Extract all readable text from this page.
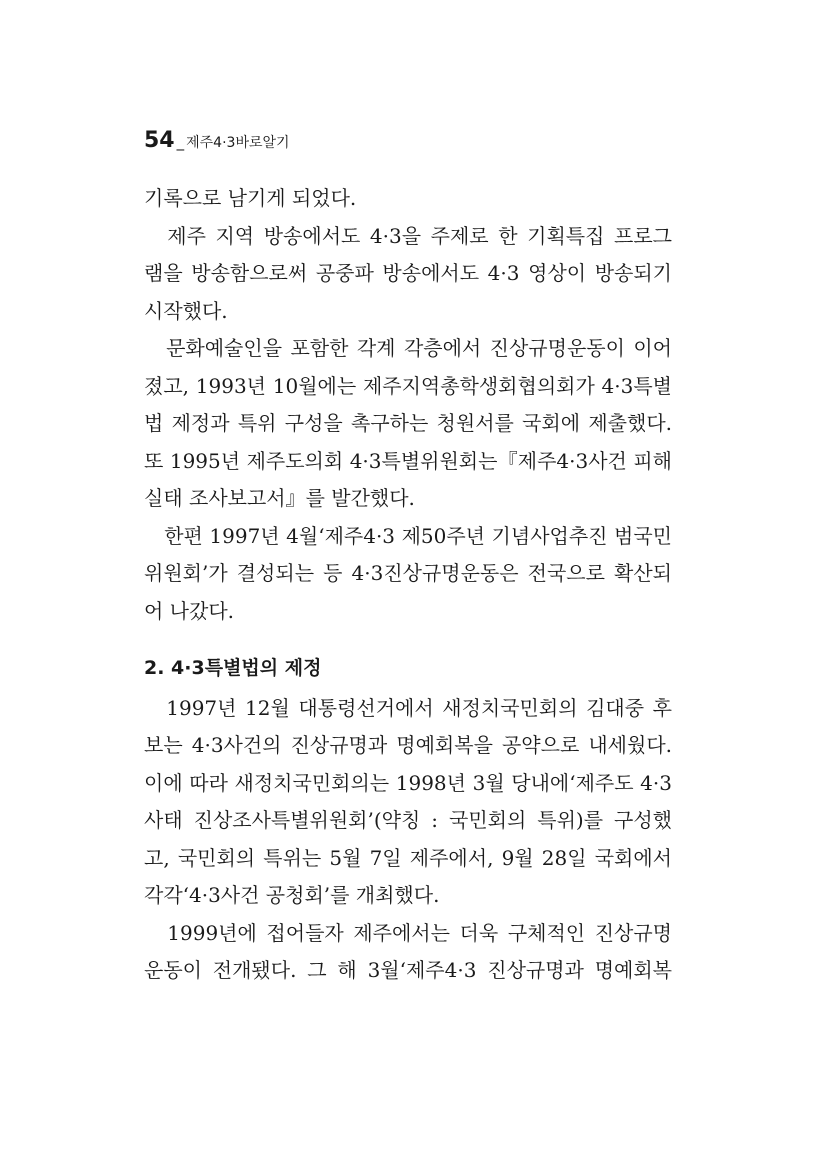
54 _ 제주4·3바로알기
기록으로 남기게 되었다.
　제주 지역 방송에서도 4·3을 주제로 한 기획특집 프로그
램을 방송함으로써 공중파 방송에서도 4·3 영상이 방송되기
시작했다.
　문화예술인을 포함한 각계 각층에서 진상규명운동이 이어
졌고, 1993년 10월에는 제주지역총학생회협의회가 4·3특별
법 제정과 특위 구성을 촉구하는 청원서를 국회에 제출했다.
또 1995년 제주도의회 4·3특별위원회는『제주4·3사건 피해
실태 조사보고서』를 발간했다.
　한편 1997년 4월‘제주4·3 제50주년 기념사업추진 범국민
위원회’가 결성되는 등 4·3진상규명운동은 전국으로 확산되
어 나갔다.
2. 4·3특별법의 제정
　1997년 12월 대통령선거에서 새정치국민회의 김대중 후
보는 4·3사건의 진상규명과 명예회복을 공약으로 내세웠다.
이에 따라 새정치국민회의는 1998년 3월 당내에‘제주도 4·3
사태 진상조사특별위원회’(약칭 : 국민회의 특위)를 구성했
고, 국민회의 특위는 5월 7일 제주에서, 9월 28일 국회에서
각각‘4·3사건 공청회’를 개최했다.
　1999년에 접어들자 제주에서는 더욱 구체적인 진상규명
운동이 전개됐다. 그 해 3월‘제주4·3 진상규명과 명예회복
